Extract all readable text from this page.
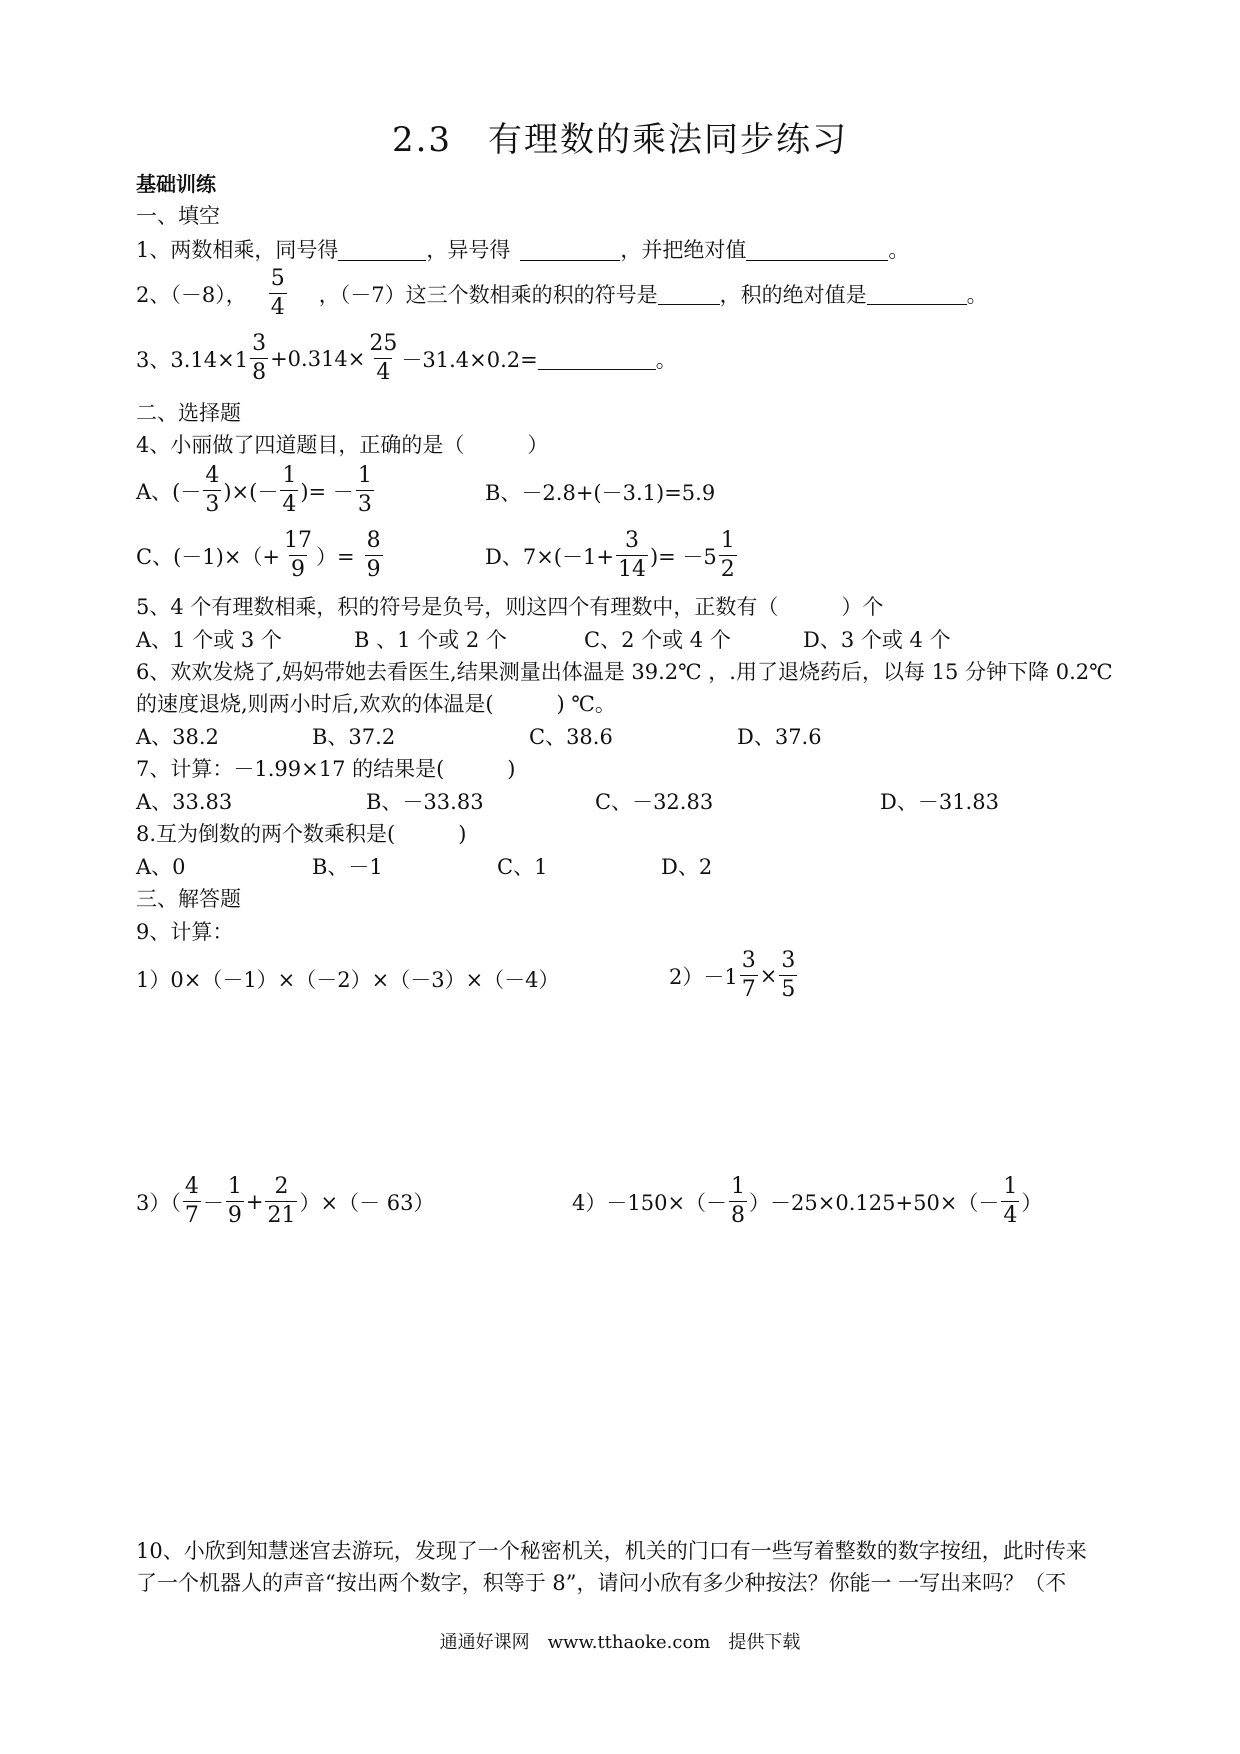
2.3　有理数的乘法同步练习
基础训练
一、填空
1、两数相乘，同号得	，异号得	，并把绝对值	。
2、（－8）， $\frac{5}{4}$ ，（－7）这三个数相乘的积的符号是	，积的绝对值是	。
3、$3.14\times 1 \frac{3}{8} +0.314\times \frac{25}{4} -31.4\times 0.2=$	。
二、选择题
4、小丽做了四道题目，正确的是（　　　）
A、(－ $\frac{4}{3}$ )×(－ $\frac{1}{4}$ )= － $\frac{1}{3}$	B、－2.8+(－3.1)=5.9
C、$(-1)\times(+ \frac{17}{9}$ ）= $\frac{8}{9}$	D、$7\times(-1+ \frac{3}{14}$ )= $-5 \frac{1}{2}$
5、4 个有理数相乘，积的符号是负号，则这四个有理数中，正数有（　　　）个
A、1 个或 3 个	B 、1 个或 2 个	C、2 个或 4 个	D、3 个或 4 个
6、欢欢发烧了,妈妈带她去看医生,结果测量出体温是 39.2℃ ，.用了退烧药后，以每 15 分钟下降 0.2℃
的速度退烧,则两小时后,欢欢的体温是(　　　) ℃。
A、38.2	B、37.2	C、38.6	D、37.6
7、计算：－1.99×17 的结果是(　　　)
A、33.83	B、－33.83	C、－32.83	D、－31.83
8.互为倒数的两个数乘积是(　　　)
A、0	B、－1	C、1	D、2
三、解答题
9、计算：
1）0×（－1）×（－2）×（－3）×（－4）	$2)-1 \frac{3}{7} \times \frac{3}{5}$
$3)( \frac{4}{7} - \frac{1}{9} + \frac{2}{21}$ ）×（－ 63）	$4)-150\times(- \frac{1}{8} )-25\times 0.125+50\times(- \frac{1}{4}$ ）
10、小欣到知慧迷宫去游玩，发现了一个秘密机关，机关的门口有一些写着整数的数字按纽，此时传来
了一个机器人的声音“按出两个数字，积等于 8”，请问小欣有多少种按法？你能一 一写出来吗？（不
通通好课网　www.tthaoke.com　提供下载
